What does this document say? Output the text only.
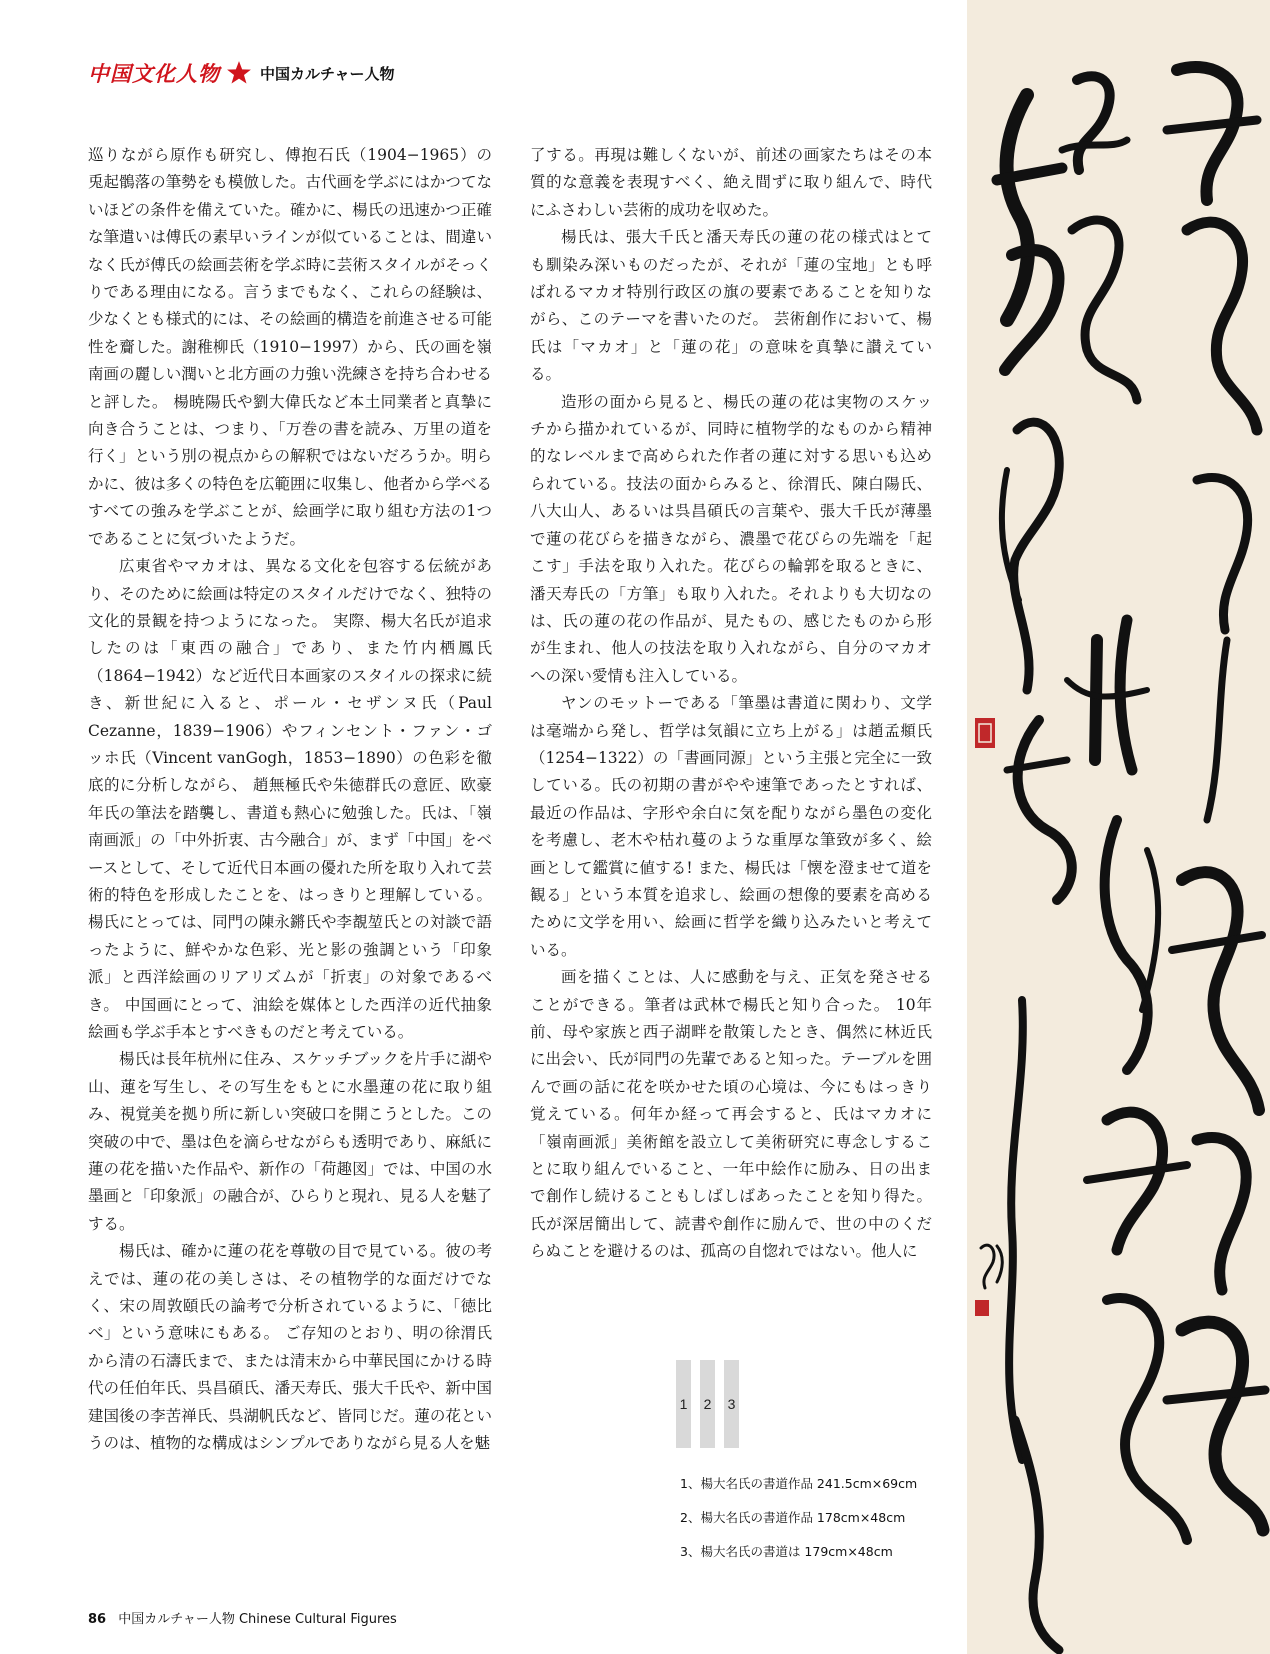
中国文化人物	中国カルチャー人物

巡りながら原作も研究し、傅抱石氏（1904−1965）の 兎起鶻落の筆勢をも模倣した。古代画を学ぶにはかつてないほどの条件を備えていた。確かに、楊氏の迅速かつ正確な筆遣いは傅氏の素早いラインが似ていることは、間違いなく氏が傅氏の絵画芸術を学ぶ時に芸術スタイルがそっくりである理由になる。言うまでもなく、これらの経験は、少なくとも様式的には、その絵画的構造を前進させる可能性を齎した。謝稚柳氏（1910−1997）から、氏の画を嶺南画の麗しい潤いと北方画の力強い洗練さを持ち合わせると評した。 楊暁陽氏や劉大偉氏など本土同業者と真摯に向き合うことは、つまり、「万巻の書を読み、万里の道を行く」という別の視点からの解釈ではないだろうか。明らかに、彼は多くの特色を広範囲に収集し、他者から学べるすべての強みを学ぶことが、絵画学に取り組む方法の1つであることに気づいたようだ。

広東省やマカオは、異なる文化を包容する伝統があり、そのために絵画は特定のスタイルだけでなく、独特の文化的景観を持つようになった。 実際、楊大名氏が追求したのは「東西の融合」であり、また竹内栖鳳氏（1864−1942）など近代日本画家のスタイルの探求に続き、新世紀に入ると、ポール・セザンヌ氏（Paul Cezanne，1839−1906）やフィンセント・ファン・ゴッホ氏（Vincent vanGogh，1853−1890）の色彩を徹底的に分析しながら、 趙無極氏や朱徳群氏の意匠、欧豪年氏の筆法を踏襲し、書道も熱心に勉強した。氏は、「嶺南画派」の「中外折衷、古今融合」が、まず「中国」をベースとして、そして近代日本画の優れた所を取り入れて芸術的特色を形成したことを、はっきりと理解している。 楊氏にとっては、同門の陳永鏘氏や李覩堃氏との対談で語ったように、鮮やかな色彩、光と影の強調という「印象派」と西洋絵画のリアリズムが「折衷」の対象であるべき。 中国画にとって、油絵を媒体とした西洋の近代抽象絵画も学ぶ手本とすべきものだと考えている。

楊氏は長年杭州に住み、スケッチブックを片手に湖や山、蓮を写生し、その写生をもとに水墨蓮の花に取り組み、視覚美を拠り所に新しい突破口を開こうとした。この突破の中で、墨は色を滴らせながらも透明であり、麻紙に蓮の花を描いた作品や、新作の「荷趣図」では、中国の水墨画と「印象派」の融合が、ひらりと現れ、見る人を魅了する。

楊氏は、確かに蓮の花を尊敬の目で見ている。彼の考えでは、蓮の花の美しさは、その植物学的な面だけでなく、宋の周敦頤氏の論考で分析されているように、「徳比べ」という意味にもある。 ご存知のとおり、明の徐渭氏から清の石濤氏まで、または清末から中華民国にかける時代の任伯年氏、呉昌碩氏、潘天寿氏、張大千氏や、新中国建国後の李苦禅氏、呉湖帆氏など、皆同じだ。蓮の花というのは、植物的な構成はシンプルでありながら見る人を魅

了する。再現は難しくないが、前述の画家たちはその本質的な意義を表現すべく、絶え間ずに取り組んで、時代にふさわしい芸術的成功を収めた。

楊氏は、張大千氏と潘天寿氏の蓮の花の様式はとても馴染み深いものだったが、それが「蓮の宝地」とも呼ばれるマカオ特別行政区の旗の要素であることを知りながら、このテーマを書いたのだ。 芸術創作において、楊氏は「マカオ」と「蓮の花」の意味を真摯に讃えている。

造形の面から見ると、楊氏の蓮の花は実物のスケッチから描かれているが、同時に植物学的なものから精神的なレベルまで高められた作者の蓮に対する思いも込められている。技法の面からみると、徐渭氏、陳白陽氏、八大山人、あるいは呉昌碩氏の言葉や、張大千氏が薄墨で蓮の花びらを描きながら、濃墨で花びらの先端を「起こす」手法を取り入れた。花びらの輪郭を取るときに、潘天寿氏の「方筆」も取り入れた。それよりも大切なのは、氏の蓮の花の作品が、見たもの、感じたものから形が生まれ、他人の技法を取り入れながら、自分のマカオへの深い愛情も注入している。

ヤンのモットーである「筆墨は書道に関わり、文学は毫端から発し、哲学は気韻に立ち上がる」は趙孟頫氏（1254−1322）の「書画同源」という主張と完全に一致している。氏の初期の書がやや速筆であったとすれば、最近の作品は、字形や余白に気を配りながら墨色の変化を考慮し、老木や枯れ蔓のような重厚な筆致が多く、絵画として鑑賞に値する! また、楊氏は「懐を澄ませて道を観る」という本質を追求し、絵画の想像的要素を高めるために文学を用い、絵画に哲学を織り込みたいと考えている。

画を描くことは、人に感動を与え、正気を発させることができる。筆者は武林で楊氏と知り合った。 10年前、母や家族と西子湖畔を散策したとき、偶然に林近氏に出会い、氏が同門の先輩であると知った。テーブルを囲んで画の話に花を咲かせた頃の心境は、今にもはっきり覚えている。何年か経って再会すると、氏はマカオに「嶺南画派」美術館を設立して美術研究に専念しすることに取り組んでいること、一年中絵作に励み、日の出まで創作し続けることもしばしばあったことを知り得た。 氏が深居簡出して、読書や創作に励んで、世の中のくだらぬことを避けるのは、孤高の自惚れではない。他人に

1 2 3
1、楊大名氏の書道作品 241.5cm×69cm
2、楊大名氏の書道作品 178cm×48cm
3、楊大名氏の書道は 179cm×48cm
86 中国カルチャー人物 Chinese Cultural Figures
